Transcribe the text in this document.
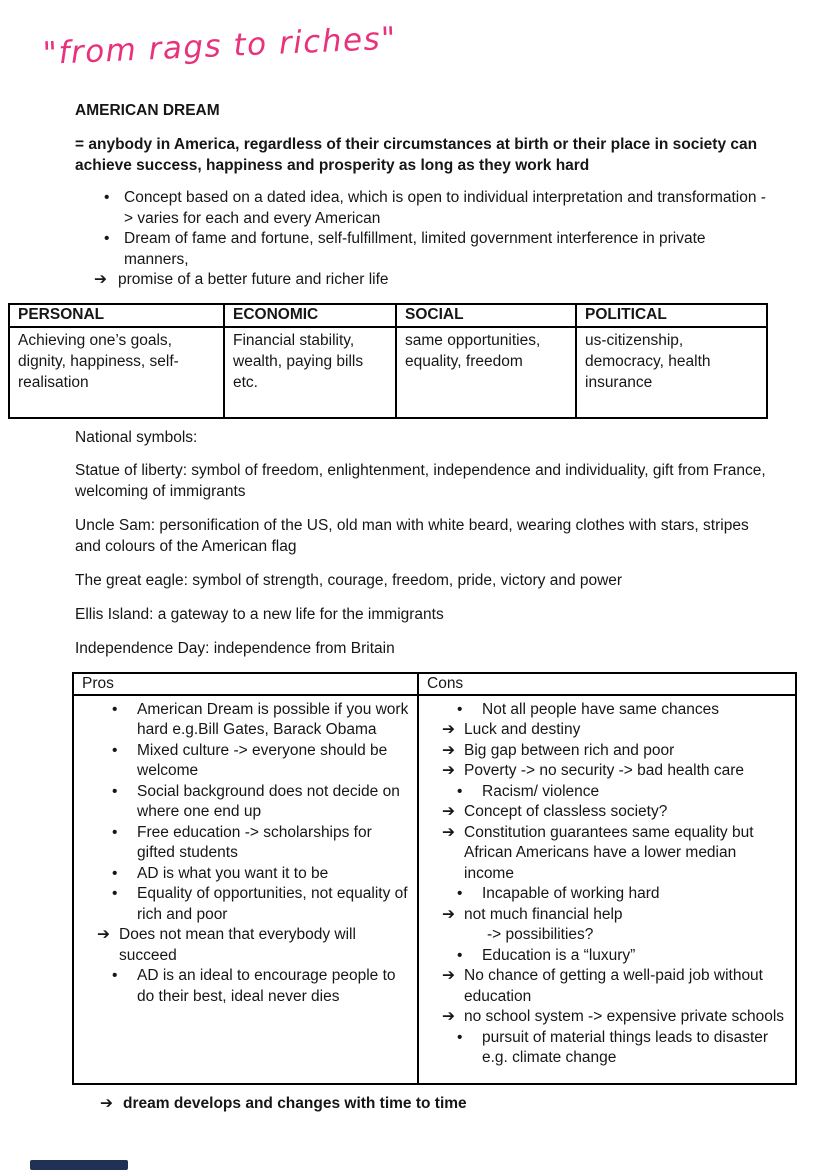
"from rags to riches"
AMERICAN DREAM
= anybody in America, regardless of their circumstances at birth or their place in society can achieve success, happiness and prosperity as long as they work hard
• Concept based on a dated idea, which is open to individual interpretation and transformation -> varies for each and every American
• Dream of fame and fortune, self-fulfillment, limited government interference in private manners,
➔ promise of a better future and richer life
PERSONAL	ECONOMIC	SOCIAL	POLITICAL
Achieving one’s goals, dignity, happiness, self-realisation	Financial stability, wealth, paying bills etc.	same opportunities, equality, freedom	us-citizenship, democracy, health insurance
National symbols:
Statue of liberty: symbol of freedom, enlightenment, independence and individuality, gift from France, welcoming of immigrants
Uncle Sam: personification of the US, old man with white beard, wearing clothes with stars, stripes and colours of the American flag
The great eagle: symbol of strength, courage, freedom, pride, victory and power
Ellis Island: a gateway to a new life for the immigrants
Independence Day: independence from Britain
Pros	Cons

•	American Dream is possible if you work hard e.g.Bill Gates, Barack Obama
•	Mixed culture -> everyone should be welcome
•	Social background does not decide on where one end up
•	Free education -> scholarships for gifted students
•	AD is what you want it to be
•	Equality of opportunities, not equality of rich and poor
➔ Does not mean that everybody will succeed
•	AD is an ideal to encourage people to do their best, ideal never dies

•	Not all people have same chances
➔ Luck and destiny
➔ Big gap between rich and poor
➔ Poverty -> no security -> bad health care
•	Racism/ violence
➔ Concept of classless society?
➔ Constitution guarantees same equality but African Americans have a lower median income
•	Incapable of working hard
➔ not much financial help
-> possibilities?
•	Education is a “luxury”
➔ No chance of getting a well-paid job without education
➔ no school system -> expensive private schools
•	pursuit of material things leads to disaster e.g. climate change
➔ dream develops and changes with time to time
